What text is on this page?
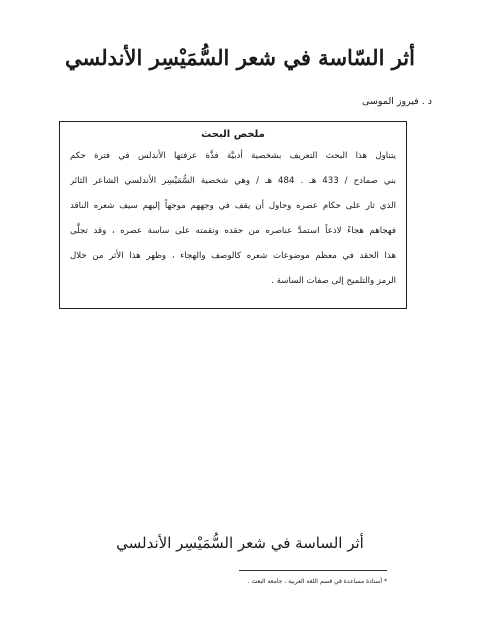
أثر السّاسة في شعر السُّمَيْسِر الأندلسي
د . فيروز الموسى
ملخص البحث
يتناول هذا البحث التعريف بشخصية أدبيَّة فذَّة عرفتها الأندلس في فترة حكم
بني صمادح / 433 هـ . 484 هـ / وهي شخصية السُّمَيْسِر الأندلسي الشاعر الثائر
الذي ثار على حكام عصره وحاول أن يقف في وجههم موجهاً إليهم سيف شعره الناقد
فهجاهم هجاءً لاذعاً استمدَّ عناصره من حقده ونقمته على ساسة عصره ، وقد تجلَّى
هذا الحقد في معظم موضوعات شعره كالوصف والهجاء ، وظهر هذا الأثر من خلال
الرمز والتلميح إلى صفات الساسة .
أثر الساسة في شعر السُّمَيْسِر الأندلسي
* أستاذة مساعدة في قسم اللغة العربية ، جامعة البعث .
